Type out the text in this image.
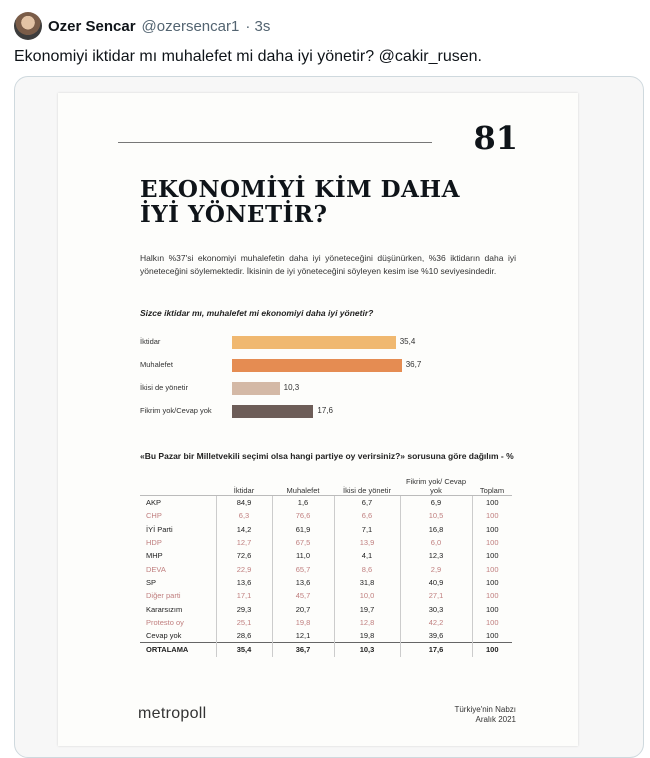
Ozer Sencar @ozersencar1 · 3s
Ekonomiyi iktidar mı muhalefet mi daha iyi yönetir? @cakir_rusen.
81
EKONOMİYİ KİM DAHA
İYİ YÖNETİR?
Halkın %37'si ekonomiyi muhalefetin daha iyi yöneteceğini düşünürken, %36 iktidarın daha iyi yöneteceğini söylemektedir. İkisinin de iyi yöneteceğini söyleyen kesim ise %10 seviyesindedir.
Sizce iktidar mı, muhalefet mi ekonomiyi daha iyi yönetir?
İktidar	35,4
Muhalefet	36,7
İkisi de yönetir	10,3
Fikrim yok/Cevap yok	17,6
«Bu Pazar bir Milletvekili seçimi olsa hangi partiye oy verirsiniz?» sorusuna göre dağılım - %
	İktidar	Muhalefet	İkisi de yönetir	Fikrim yok/ Cevap yok	Toplam
AKP	84,9	1,6	6,7	6,9	100
CHP	6,3	76,6	6,6	10,5	100
İYİ Parti	14,2	61,9	7,1	16,8	100
HDP	12,7	67,5	13,9	6,0	100
MHP	72,6	11,0	4,1	12,3	100
DEVA	22,9	65,7	8,6	2,9	100
SP	13,6	13,6	31,8	40,9	100
Diğer parti	17,1	45,7	10,0	27,1	100
Kararsızım	29,3	20,7	19,7	30,3	100
Protesto oy	25,1	19,8	12,8	42,2	100
Cevap yok	28,6	12,1	19,8	39,6	100
ORTALAMA	35,4	36,7	10,3	17,6	100
metropoll	Türkiye'nin Nabzı
Aralık 2021
